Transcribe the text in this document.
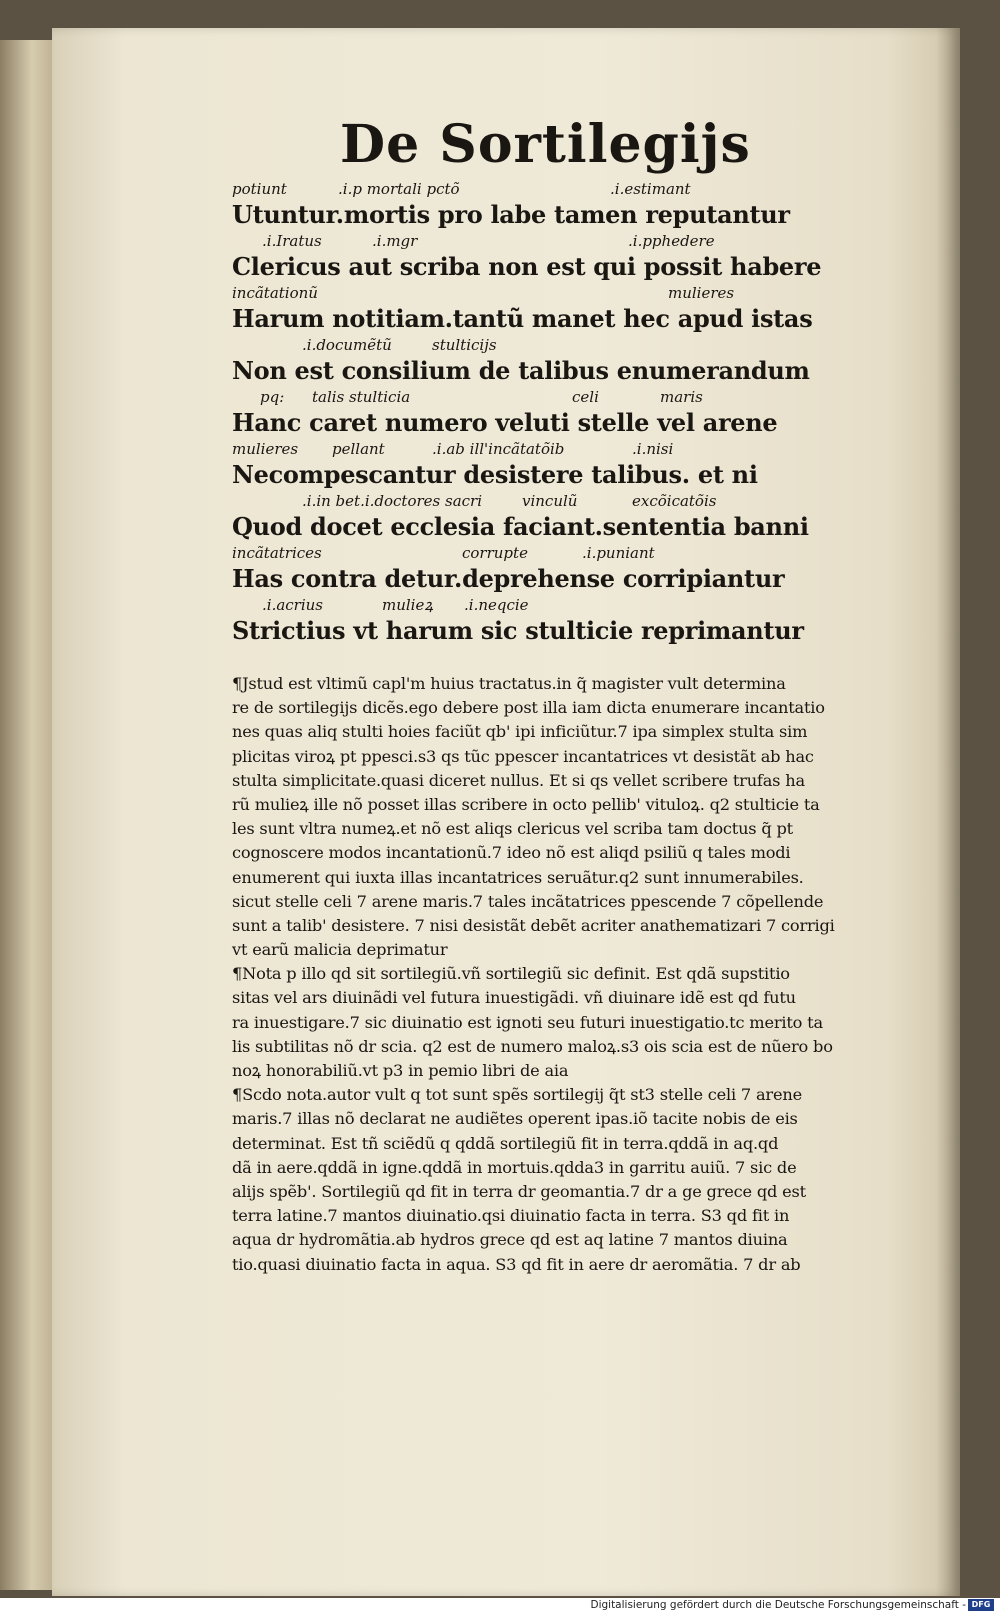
De Sortilegijs
potiunt	.i.p mortali pctõ	.i.estimant
Utuntur.mortis pro labe tamen reputantur
.i.Iratus	.i.mgr	.i.pphedere
Clericus aut scriba non est qui possit habere
incãtationũ	mulieres
Harum notitiam.tantũ manet hec apud istas
.i.documẽtũ	stulticijs
Non est consilium de talibus enumerandum
pq: talis stulticia	celi	maris
Hanc caret numero veluti stelle vel arene
mulieres pellant	.i.ab ill'incãtatõib	.i.nisi
Necompescantur desistere talibus. et ni
.i.in bet.i.doctores sacri	vinculũ	excõicatõis
Quod docet ecclesia faciant.sententia banni
incãtatrices	corrupte	.i.puniant
Has contra detur.deprehense corripiantur
.i.acrius	mulieꝝ .i.neqcie
Strictius vt harum sic stulticie reprimantur
¶Jstud est vltimũ capl'm huius tractatus.in q̃ magister vult determina
re de sortilegijs dicẽs.ego debere post illa iam dicta enumerare incantatio
nes quas aliq stulti hoies faciũt qb' ipi inficiũtur.7 ipa simplex stulta sim
plicitas viroꝝ pt ppesci.s3 qs tũc ppescer incantatrices vt desistãt ab hac
stulta simplicitate.quasi diceret nullus. Et si qs vellet scribere trufas ha
rũ mulieꝝ ille nõ posset illas scribere in octo pellib' vituloꝝ. q2 stulticie ta
les sunt vltra numeꝝ.et nõ est aliqs clericus vel scriba tam doctus q̃ pt
cognoscere modos incantationũ.7 ideo nõ est aliqd psiliũ q tales modi
enumerent qui iuxta illas incantatrices seruãtur.q2 sunt innumerabiles.
sicut stelle celi 7 arene maris.7 tales incãtatrices ppescende 7 cõpellende
sunt a talib' desistere. 7 nisi desistãt debẽt acriter anathematizari 7 corrigi
vt earũ malicia deprimatur
¶Nota p illo qd sit sortilegiũ.vñ sortilegiũ sic definit. Est qdã supstitio
sitas vel ars diuinãdi vel futura inuestigãdi. vñ diuinare idẽ est qd futu
ra inuestigare.7 sic diuinatio est ignoti seu futuri inuestigatio.tc merito ta
lis subtilitas nõ dr scia. q2 est de numero maloꝝ.s3 ois scia est de nũero bo
noꝝ honorabiliũ.vt p3 in pemio libri de aia
¶Scdo nota.autor vult q tot sunt spẽs sortilegij q̃t st3 stelle celi 7 arene
maris.7 illas nõ declarat ne audiẽtes operent ipas.iõ tacite nobis de eis
determinat. Est tñ sciẽdũ q qddã sortilegiũ fit in terra.qddã in aq.qd
dã in aere.qddã in igne.qddã in mortuis.qdda3 in garritu auiũ. 7 sic de
alijs spẽb'. Sortilegiũ qd fit in terra dr geomantia.7 dr a ge grece qd est
terra latine.7 mantos diuinatio.qsi diuinatio facta in terra. S3 qd fit in
aqua dr hydromãtia.ab hydros grece qd est aq latine 7 mantos diuina
tio.quasi diuinatio facta in aqua. S3 qd fit in aere dr aeromãtia. 7 dr ab
Digitalisierung gefördert durch die Deutsche Forschungsgemeinschaft - DFG
